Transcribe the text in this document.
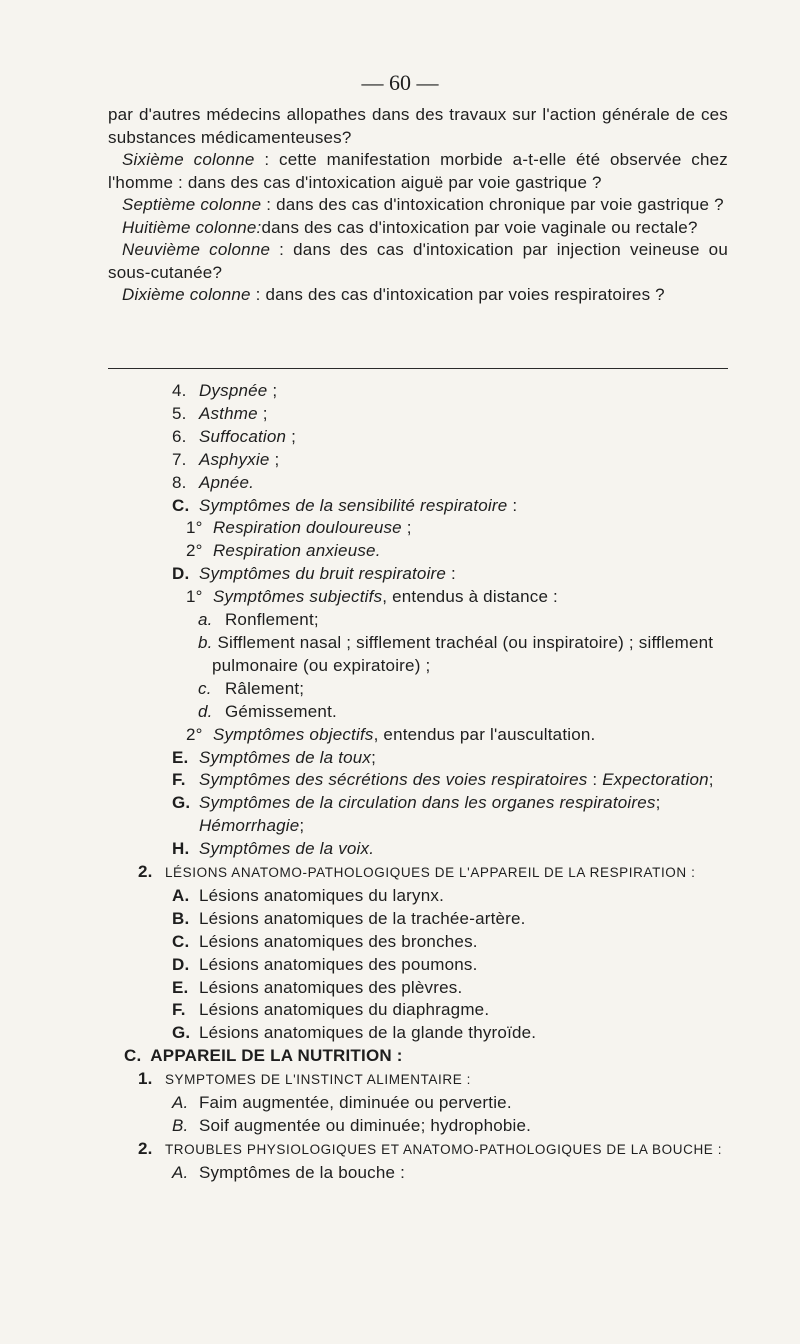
— 60 —

par d'autres médecins allopathes dans des travaux sur l'action générale de ces substances médicamenteuses?

Sixième colonne : cette manifestation morbide a-t-elle été observée chez l'homme : dans des cas d'intoxication aiguë par voie gastrique ?

Septième colonne : dans des cas d'intoxication chronique par voie gastrique ?

Huitième colonne:dans des cas d'intoxication par voie vaginale ou rectale?

Neuvième colonne : dans des cas d'intoxication par injection veineuse ou sous-cutanée?

Dixième colonne : dans des cas d'intoxication par voies respiratoires ?

4. Dyspnée ;
5. Asthme ;
6. Suffocation ;
7. Asphyxie ;
8. Apnée.
C. Symptômes de la sensibilité respiratoire :
1° Respiration douloureuse ;
2° Respiration anxieuse.
D. Symptômes du bruit respiratoire :
1° Symptômes subjectifs, entendus à distance :
a. Ronflement;
b. Sifflement nasal ; sifflement trachéal (ou inspiratoire) ; sifflement pulmonaire (ou expiratoire) ;
c. Râlement;
d. Gémissement.
2° Symptômes objectifs, entendus par l'auscultation.
E. Symptômes de la toux;
F. Symptômes des sécrétions des voies respiratoires : Expectoration;
G. Symptômes de la circulation dans les organes respiratoires;
Hémorrhagie;
H. Symptômes de la voix.
2. LÉSIONS ANATOMO-PATHOLOGIQUES DE L'APPAREIL DE LA RESPIRATION :
A. Lésions anatomiques du larynx.
B. Lésions anatomiques de la trachée-artère.
C. Lésions anatomiques des bronches.
D. Lésions anatomiques des poumons.
E. Lésions anatomiques des plèvres.
F. Lésions anatomiques du diaphragme.
G. Lésions anatomiques de la glande thyroïde.
C. APPAREIL DE LA NUTRITION :
1. SYMPTOMES DE L'INSTINCT ALIMENTAIRE :
A. Faim augmentée, diminuée ou pervertie.
B. Soif augmentée ou diminuée; hydrophobie.
2. TROUBLES PHYSIOLOGIQUES ET ANATOMO-PATHOLOGIQUES DE LA BOUCHE :
A. Symptômes de la bouche :
